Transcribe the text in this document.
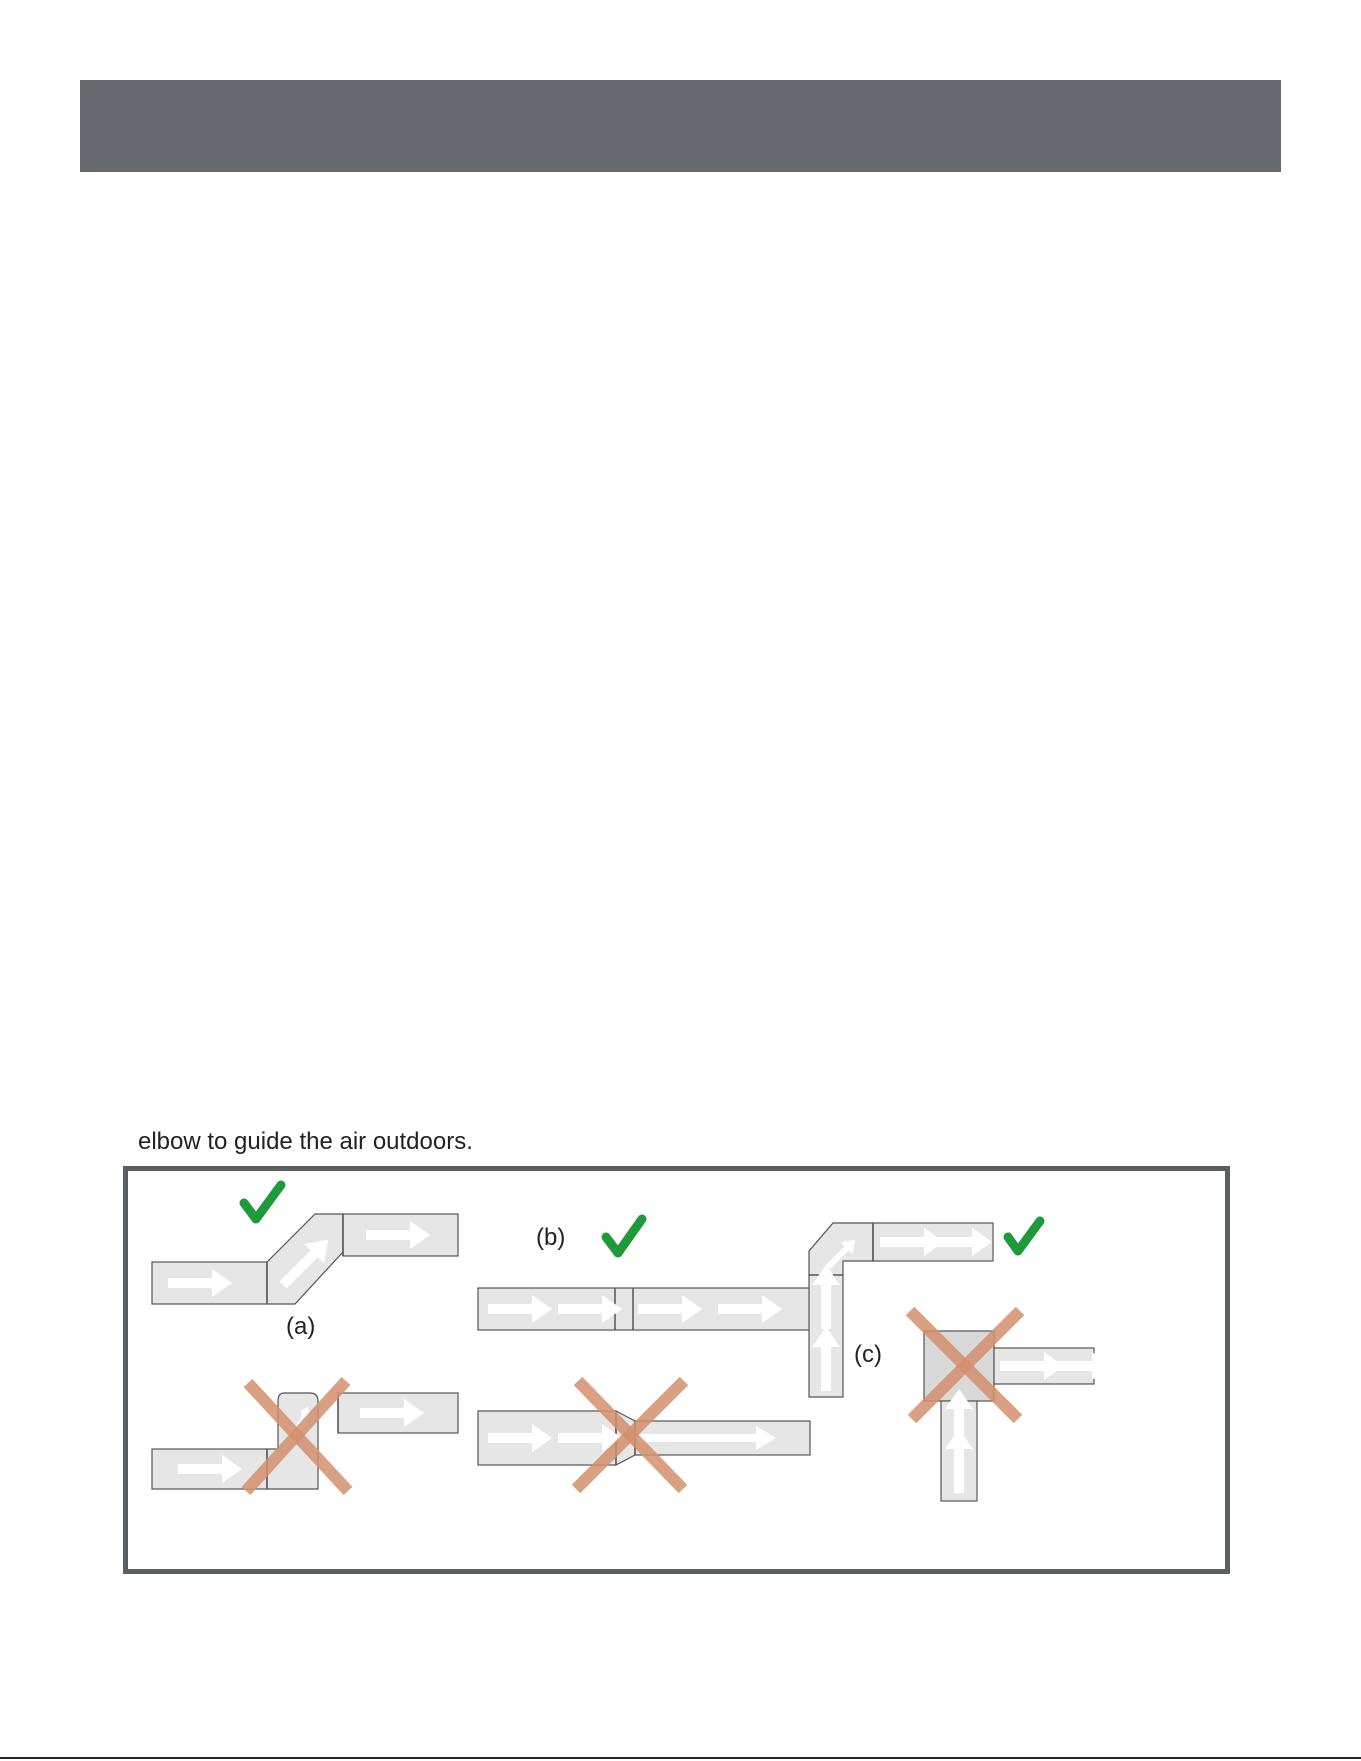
elbow to guide the air outdoors.
(a)
(b)
(c)
